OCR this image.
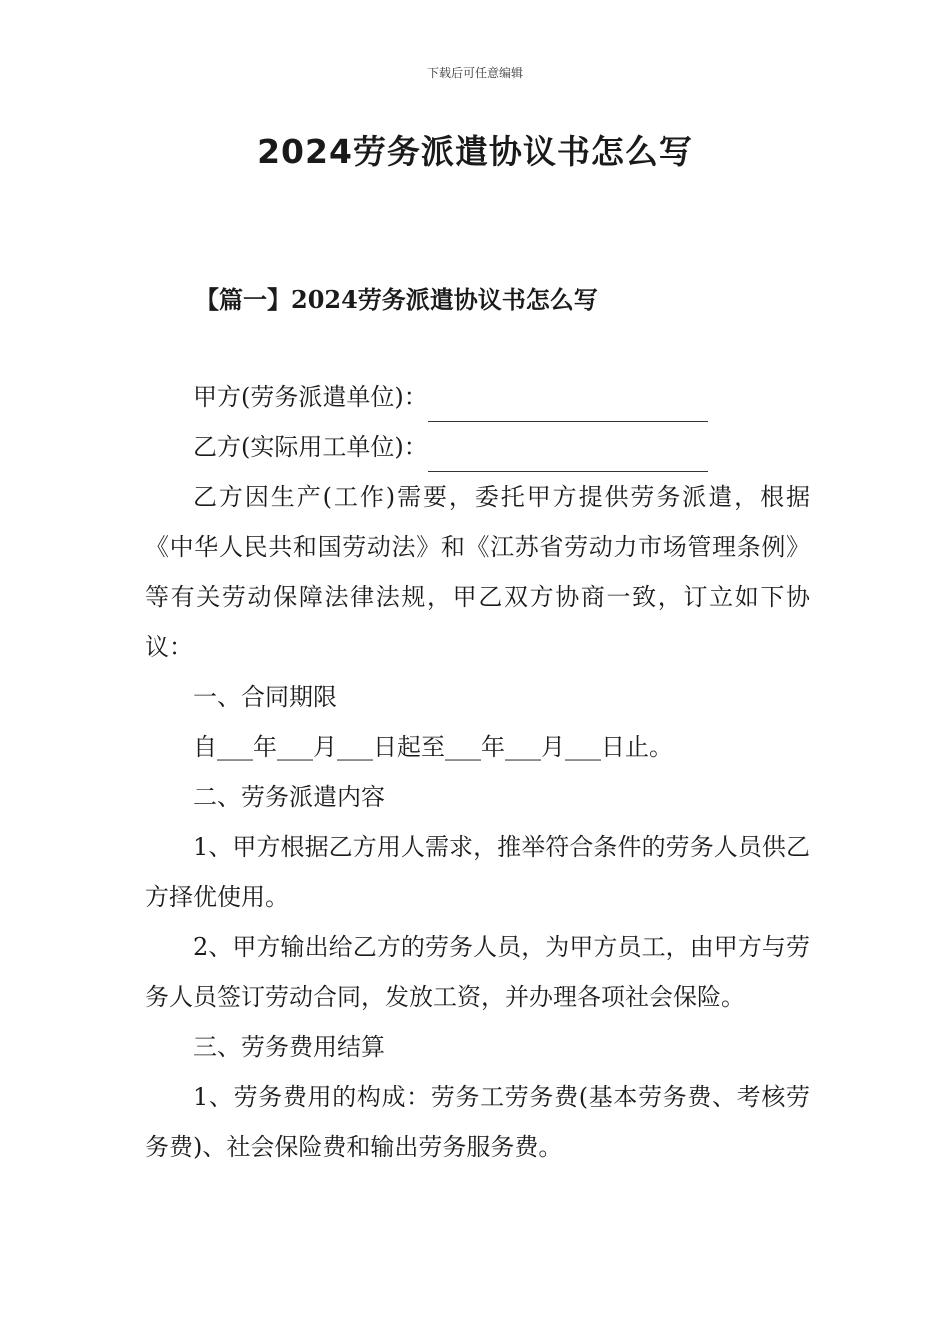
下载后可任意编辑
2024劳务派遣协议书怎么写
【篇一】2024劳务派遣协议书怎么写

甲方(劳务派遣单位)：

乙方(实际用工单位)：

乙方因生产(工作)需要，委托甲方提供劳务派遣，根据《中华人民共和国劳动法》和《江苏省劳动力市场管理条例》等有关劳动保障法律法规，甲乙双方协商一致，订立如下协议：

一、合同期限

自___年___月___日起至___年___月___日止。

二、劳务派遣内容

1、甲方根据乙方用人需求，推举符合条件的劳务人员供乙方择优使用。

2、甲方输出给乙方的劳务人员，为甲方员工，由甲方与劳务人员签订劳动合同，发放工资，并办理各项社会保险。

三、劳务费用结算

1、劳务费用的构成：劳务工劳务费(基本劳务费、考核劳务费)、社会保险费和输出劳务服务费。
